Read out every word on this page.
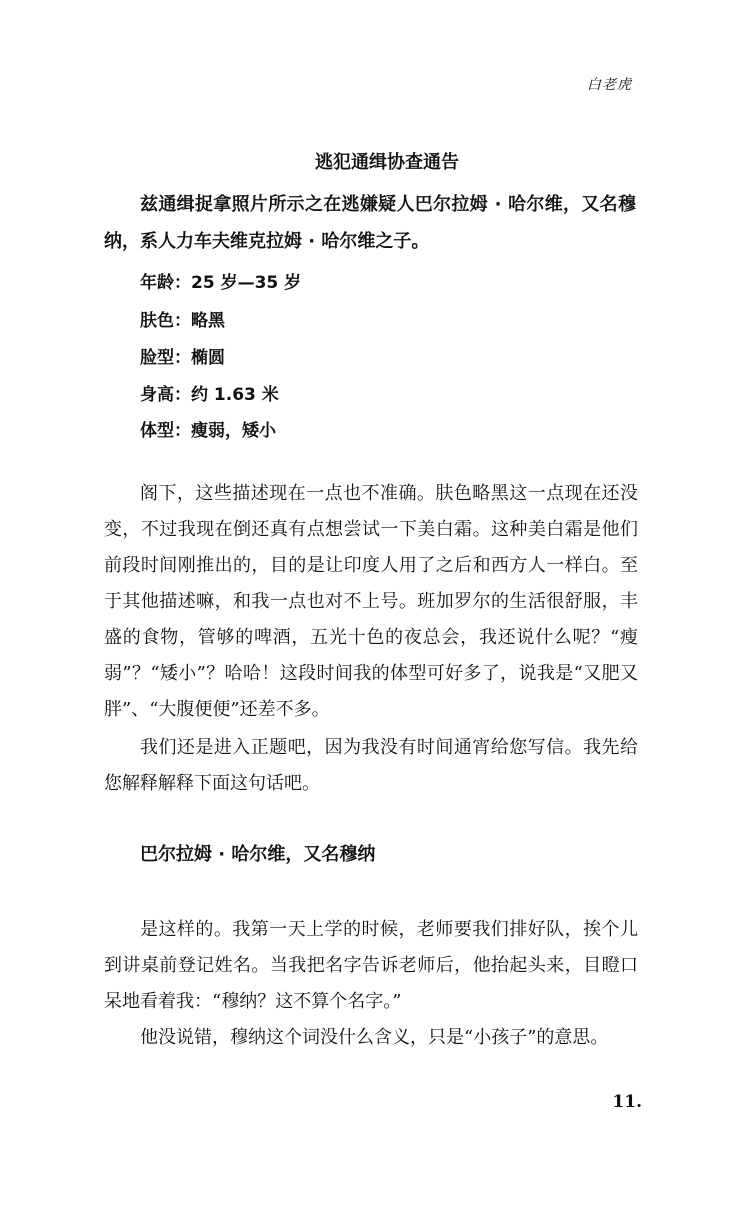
白老虎
逃犯通缉协查通告

兹通缉捉拿照片所示之在逃嫌疑人巴尔拉姆 · 哈尔维，又名穆纳，系人力车夫维克拉姆 · 哈尔维之子。

年龄：25 岁—35 岁
肤色：略黑
脸型：椭圆
身高：约 1.63 米
体型：瘦弱，矮小

阁下，这些描述现在一点也不准确。肤色略黑这一点现在还没变，不过我现在倒还真有点想尝试一下美白霜。这种美白霜是他们前段时间刚推出的，目的是让印度人用了之后和西方人一样白。至于其他描述嘛，和我一点也对不上号。班加罗尔的生活很舒服，丰盛的食物，管够的啤酒，五光十色的夜总会，我还说什么呢？“瘦弱”？“矮小”？哈哈！这段时间我的体型可好多了，说我是“又肥又胖”、“大腹便便”还差不多。

我们还是进入正题吧，因为我没有时间通宵给您写信。我先给您解释解释下面这句话吧。

巴尔拉姆 · 哈尔维，又名穆纳

是这样的。我第一天上学的时候，老师要我们排好队，挨个儿到讲桌前登记姓名。当我把名字告诉老师后，他抬起头来，目瞪口呆地看着我：“穆纳？这不算个名字。”

他没说错，穆纳这个词没什么含义，只是“小孩子”的意思。

11.
